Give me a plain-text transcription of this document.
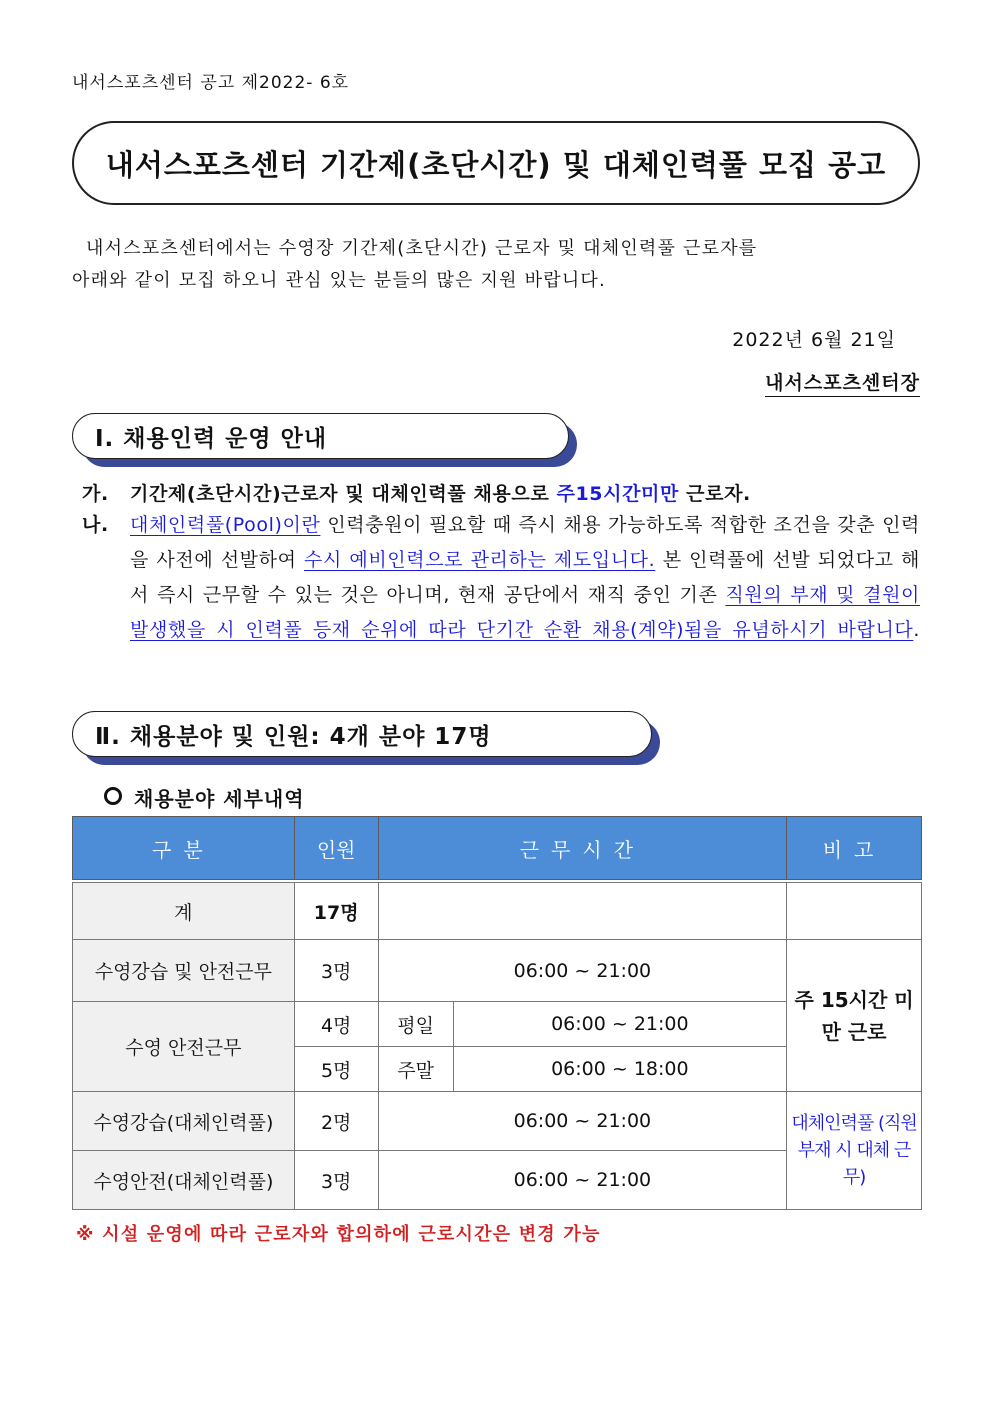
내서스포츠센터 공고 제2022- 6호
내서스포츠센터 기간제(초단시간) 및 대체인력풀 모집 공고
내서스포츠센터에서는 수영장 기간제(초단시간) 근로자 및 대체인력풀 근로자를
아래와 같이 모집 하오니 관심 있는 분들의 많은 지원 바랍니다.
2022년 6월 21일
내서스포츠센터장
Ⅰ. 채용인력 운영 안내
가. 기간제(초단시간)근로자 및 대체인력풀 채용으로 주15시간미만 근로자.
나. 대체인력풀(Pool)이란 인력충원이 필요할 때 즉시 채용 가능하도록 적합한 조건을 갖춘 인력을 사전에 선발하여 수시 예비인력으로 관리하는 제도입니다. 본 인력풀에 선발 되었다고 해서 즉시 근무할 수 있는 것은 아니며, 현재 공단에서 재직 중인 기존 직원의 부재 및 결원이 발생했을 시 인력풀 등재 순위에 따라 단기간 순환 채용(계약)됨을 유념하시기 바랍니다.
Ⅱ. 채용분야 및 인원: 4개 분야 17명
채용분야 세부내역
구분	인원	근무시간		비고

계	17명			
수영강습 및 안전근무	3명	06:00 ~ 21:00		주 15시간 미만 근로
수영 안전근무	4명	평일	06:00 ~ 21:00	
	5명	주말	06:00 ~ 18:00	
수영강습(대체인력풀)	2명	06:00 ~ 21:00		대체인력풀 (직원 부재 시 대체 근무)
수영안전(대체인력풀)	3명	06:00 ~ 21:00		
※ 시설 운영에 따라 근로자와 합의하에 근로시간은 변경 가능
